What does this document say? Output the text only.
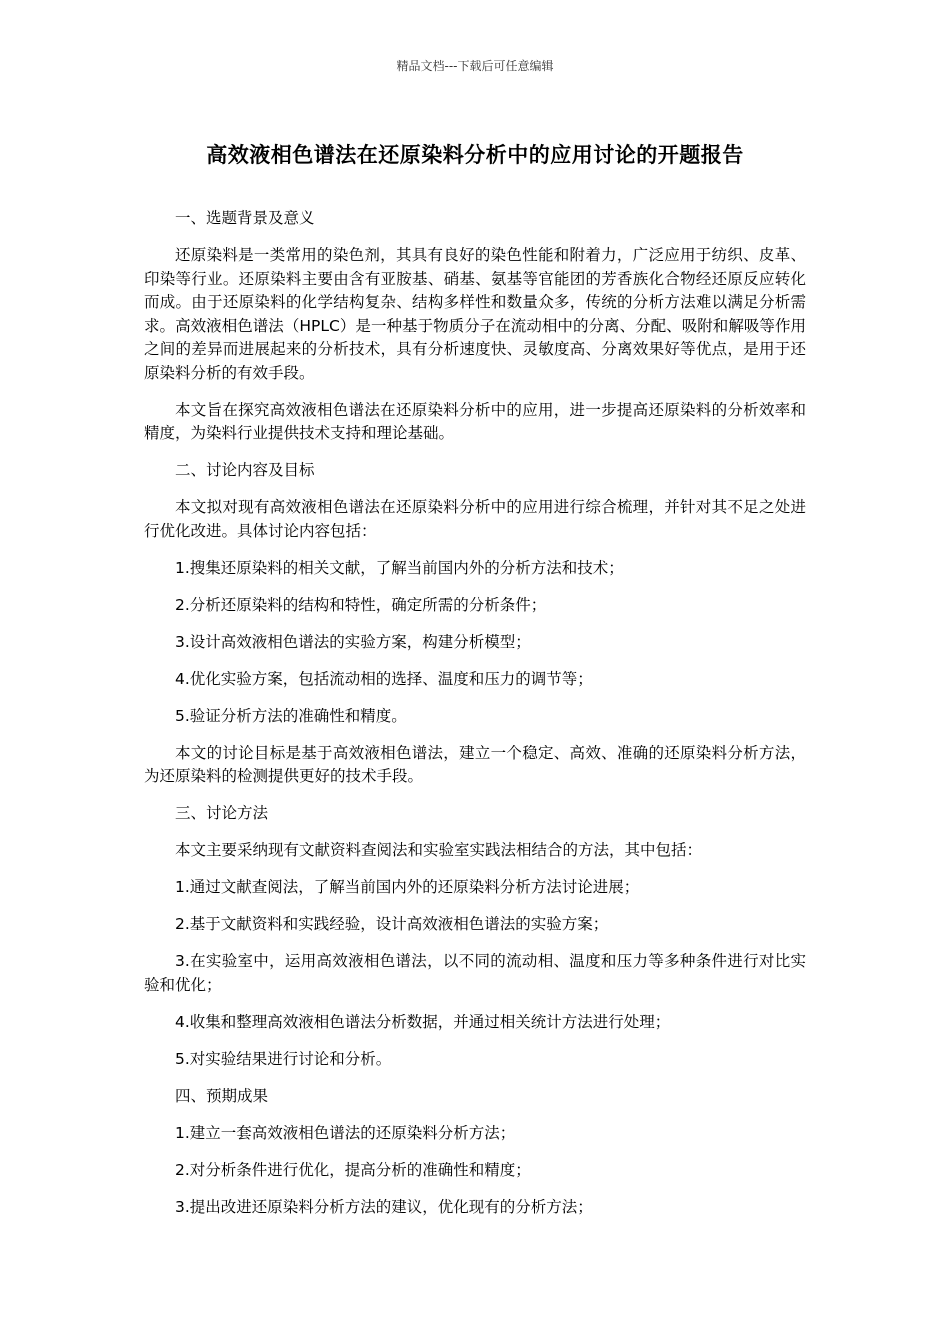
精品文档---下载后可任意编辑
高效液相色谱法在还原染料分析中的应用讨论的开题报告
一、选题背景及意义
还原染料是一类常用的染色剂，其具有良好的染色性能和附着力，广泛应用于纺织、皮革、印染等行业。还原染料主要由含有亚胺基、硝基、氨基等官能团的芳香族化合物经还原反应转化而成。由于还原染料的化学结构复杂、结构多样性和数量众多，传统的分析方法难以满足分析需求。高效液相色谱法（HPLC）是一种基于物质分子在流动相中的分离、分配、吸附和解吸等作用之间的差异而进展起来的分析技术，具有分析速度快、灵敏度高、分离效果好等优点，是用于还原染料分析的有效手段。
本文旨在探究高效液相色谱法在还原染料分析中的应用，进一步提高还原染料的分析效率和精度，为染料行业提供技术支持和理论基础。
二、讨论内容及目标
本文拟对现有高效液相色谱法在还原染料分析中的应用进行综合梳理，并针对其不足之处进行优化改进。具体讨论内容包括：
1.搜集还原染料的相关文献，了解当前国内外的分析方法和技术；
2.分析还原染料的结构和特性，确定所需的分析条件；
3.设计高效液相色谱法的实验方案，构建分析模型；
4.优化实验方案，包括流动相的选择、温度和压力的调节等；
5.验证分析方法的准确性和精度。
本文的讨论目标是基于高效液相色谱法，建立一个稳定、高效、准确的还原染料分析方法，为还原染料的检测提供更好的技术手段。
三、讨论方法
本文主要采纳现有文献资料查阅法和实验室实践法相结合的方法，其中包括：
1.通过文献查阅法，了解当前国内外的还原染料分析方法讨论进展；
2.基于文献资料和实践经验，设计高效液相色谱法的实验方案；
3.在实验室中，运用高效液相色谱法，以不同的流动相、温度和压力等多种条件进行对比实验和优化；
4.收集和整理高效液相色谱法分析数据，并通过相关统计方法进行处理；
5.对实验结果进行讨论和分析。
四、预期成果
1.建立一套高效液相色谱法的还原染料分析方法；
2.对分析条件进行优化，提高分析的准确性和精度；
3.提出改进还原染料分析方法的建议，优化现有的分析方法；
